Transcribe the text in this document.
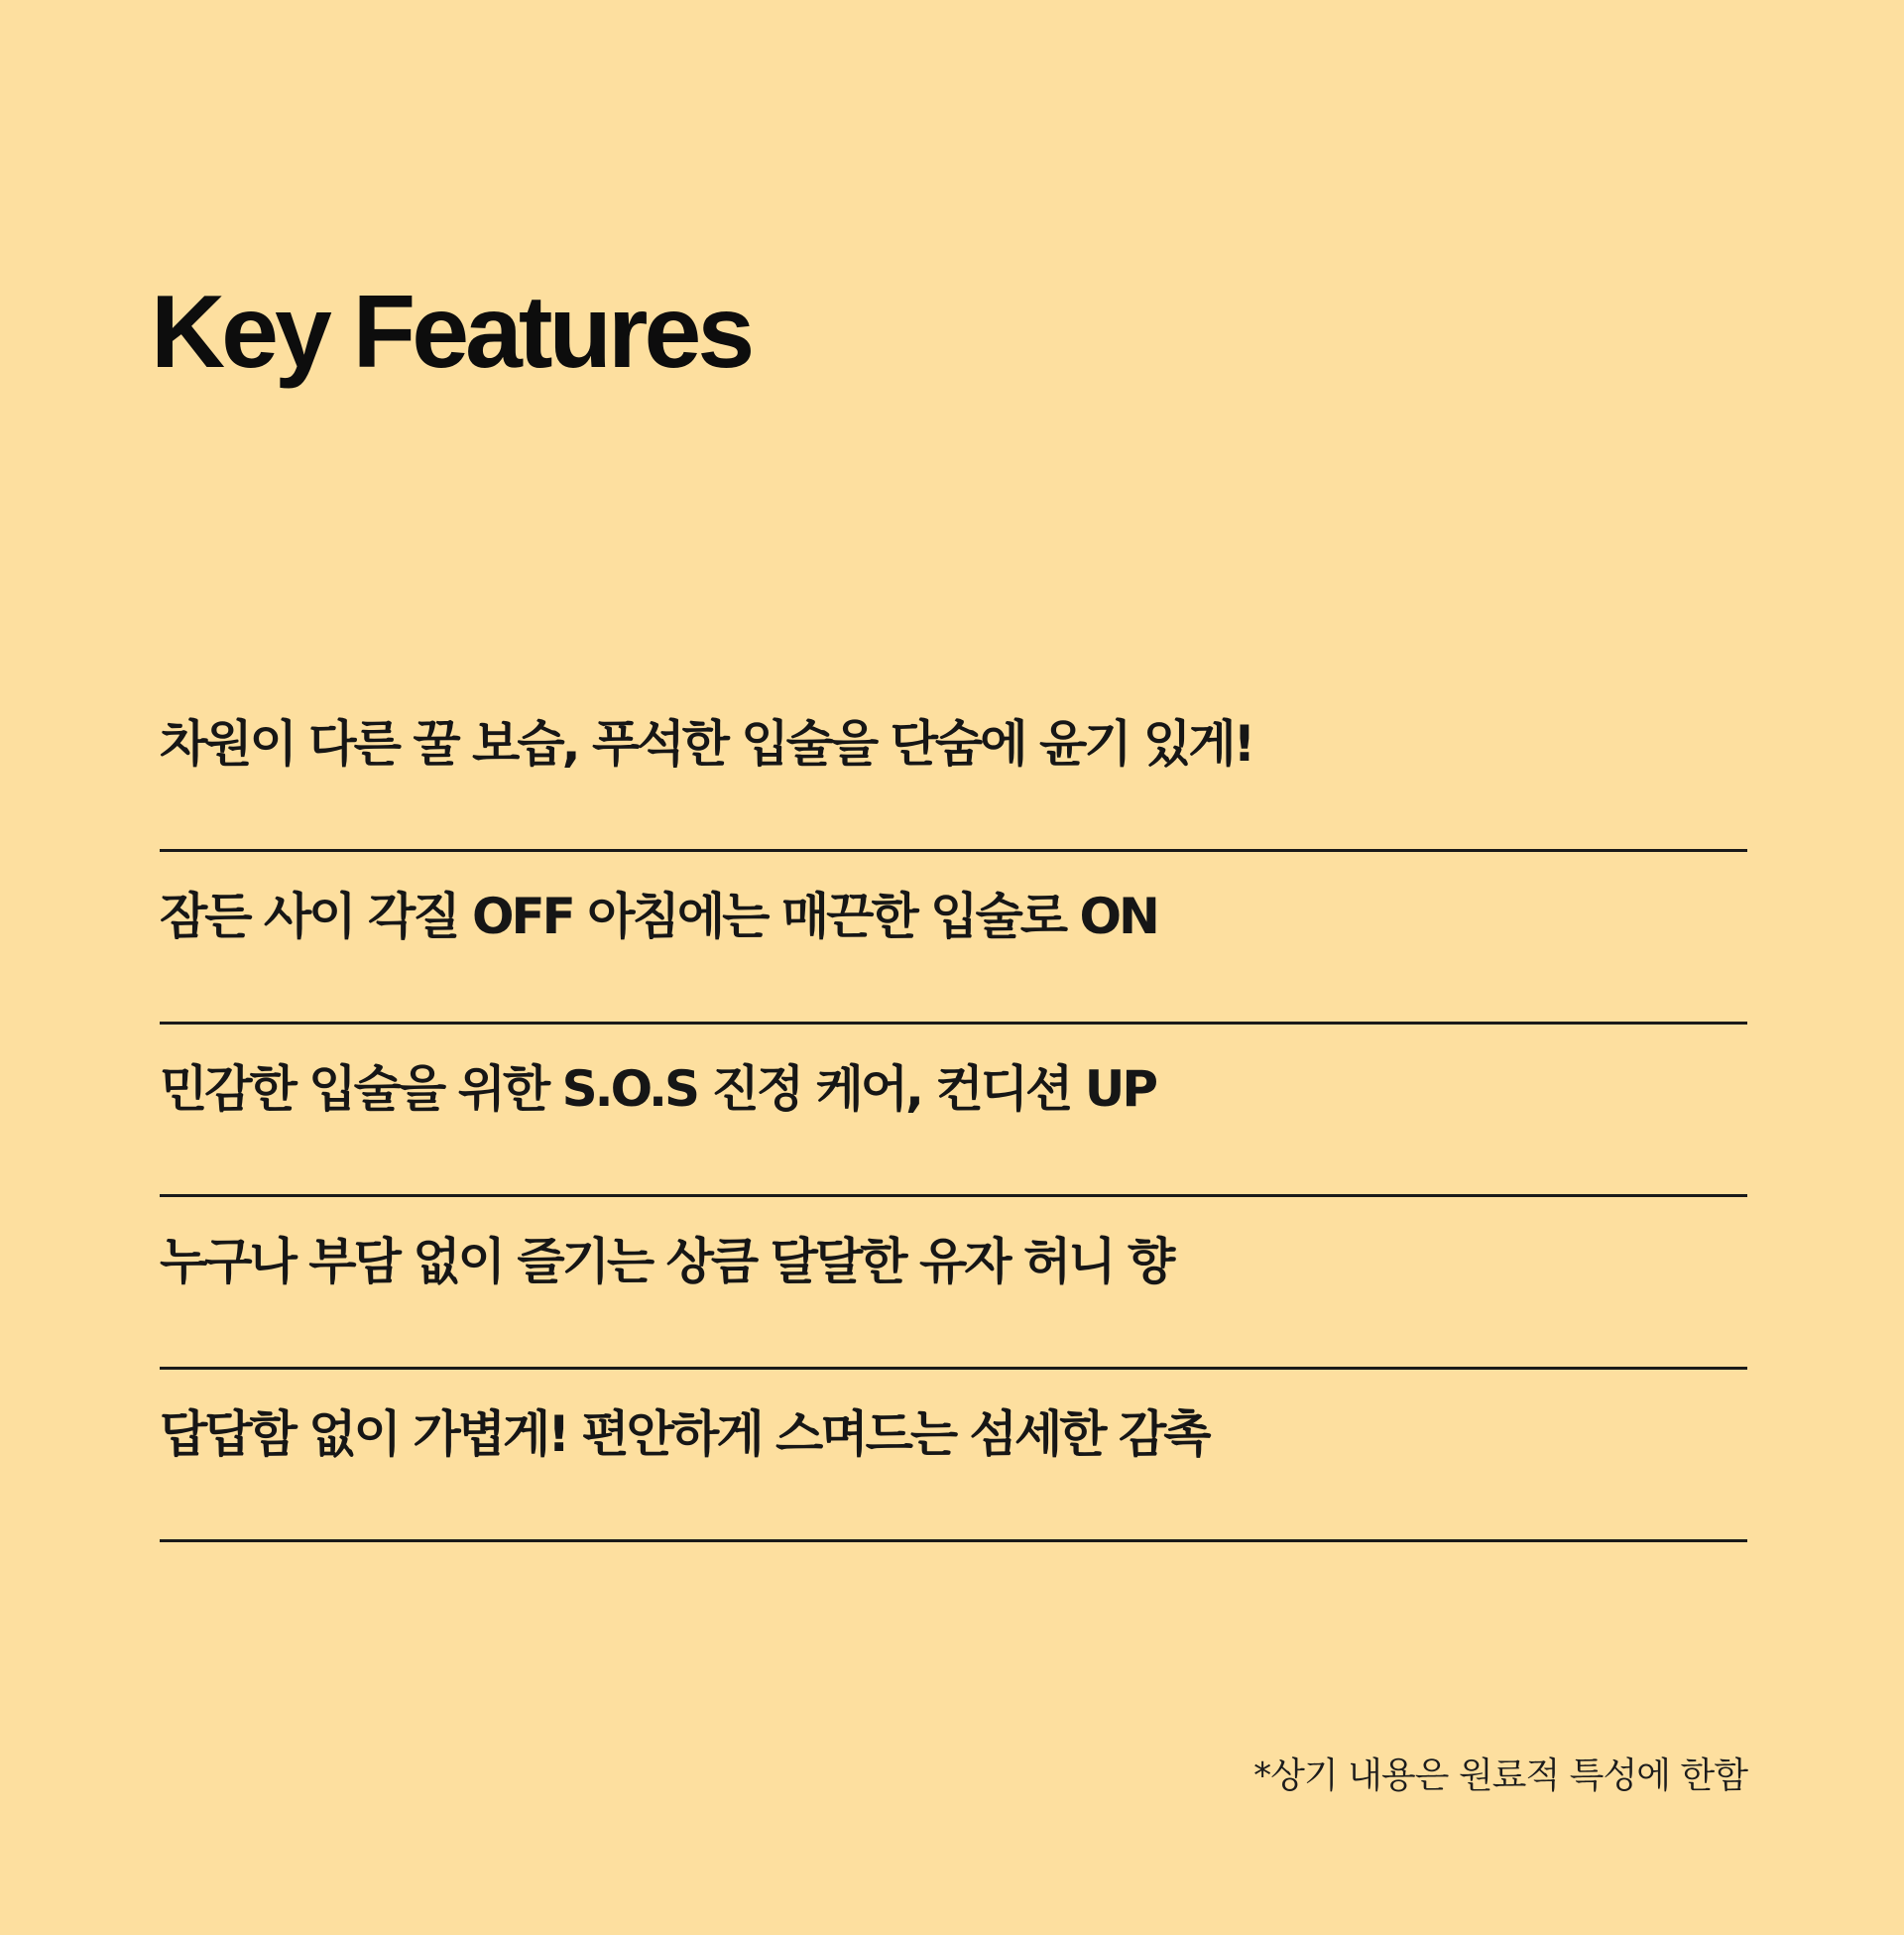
Key Features
차원이 다른 꿀 보습, 푸석한 입술을 단숨에 윤기 있게!
잠든 사이 각질 OFF 아침에는 매끈한 입술로 ON
민감한 입술을 위한 S.O.S 진정 케어, 컨디션 UP
누구나 부담 없이 즐기는 상큼 달달한 유자 허니 향
답답함 없이 가볍게! 편안하게 스며드는 섬세한 감촉
*상기 내용은 원료적 특성에 한함
